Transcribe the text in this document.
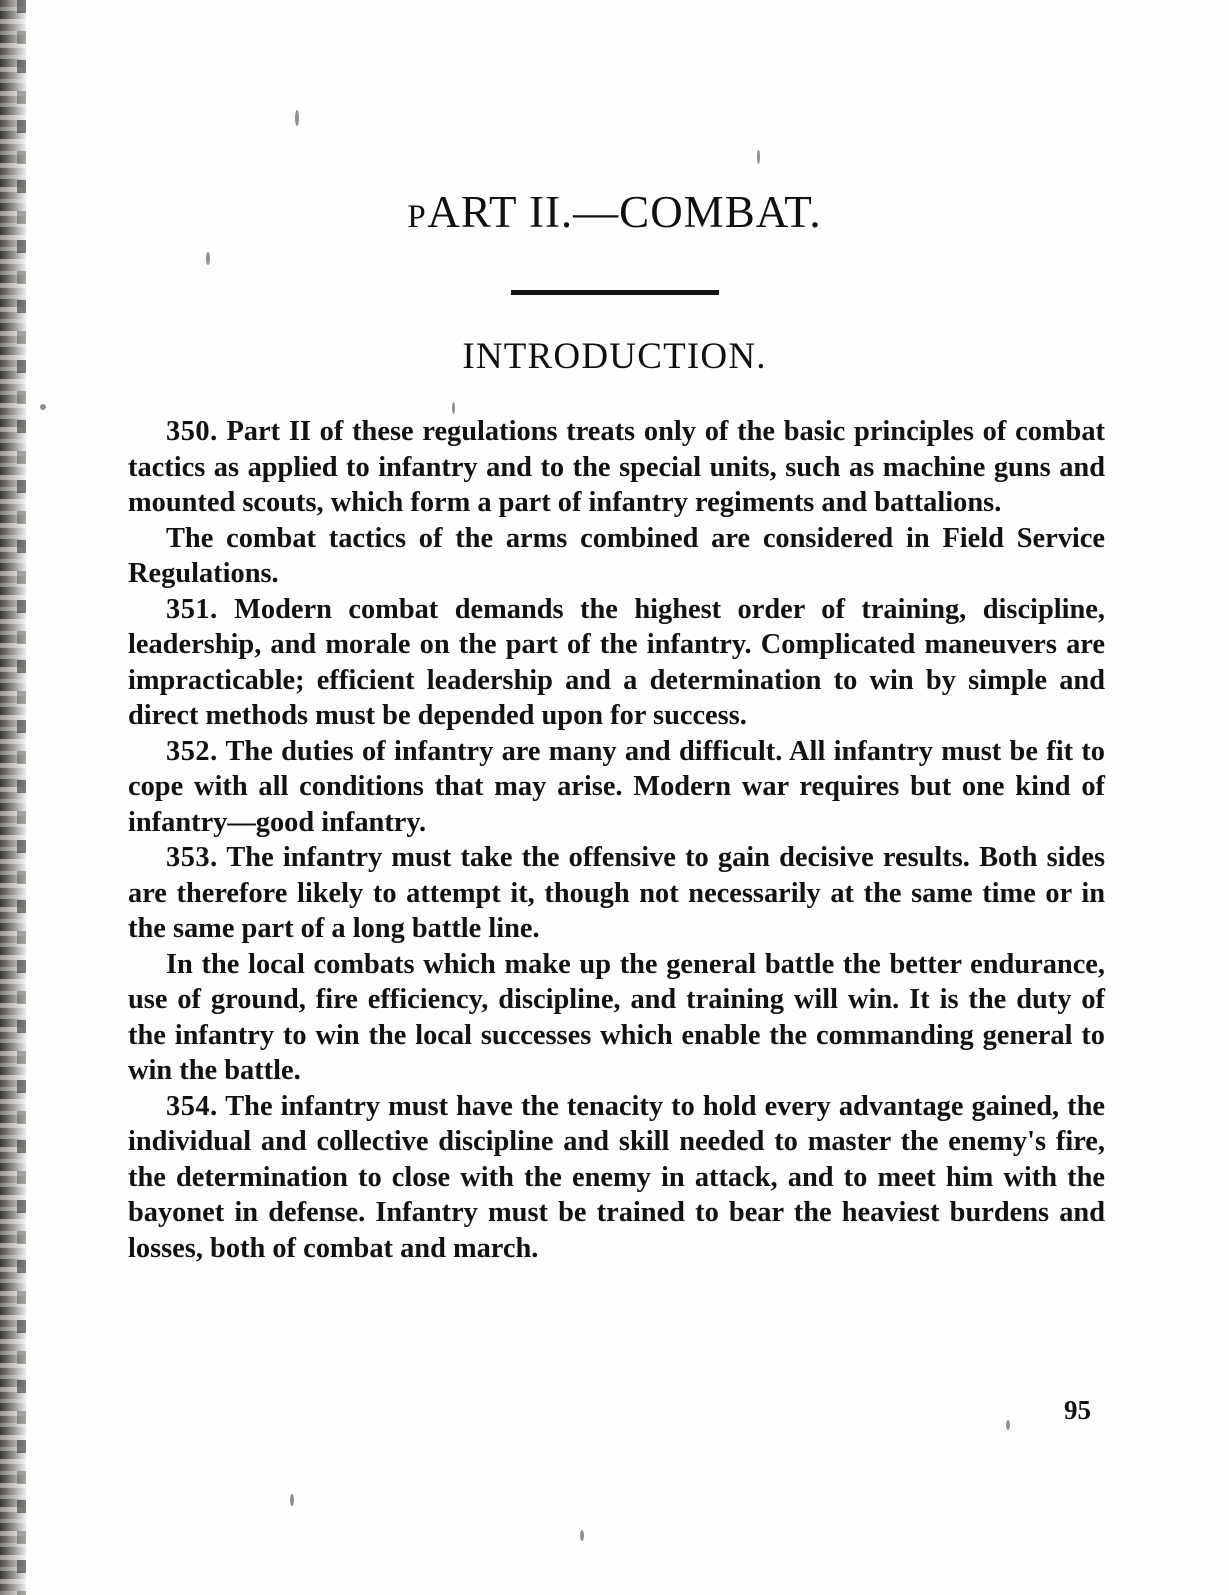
PART II.—COMBAT.
INTRODUCTION.

350. Part II of these regulations treats only of the basic principles of combat tactics as applied to infantry and to the special units, such as machine guns and mounted scouts, which form a part of infantry regiments and battalions.

The combat tactics of the arms combined are considered in Field Service Regulations.

351. Modern combat demands the highest order of training, discipline, leadership, and morale on the part of the infantry. Complicated maneuvers are impracticable; efficient leadership and a determination to win by simple and direct methods must be depended upon for success.

352. The duties of infantry are many and difficult. All infantry must be fit to cope with all conditions that may arise. Modern war requires but one kind of infantry—good infantry.

353. The infantry must take the offensive to gain decisive results. Both sides are therefore likely to attempt it, though not necessarily at the same time or in the same part of a long battle line.

In the local combats which make up the general battle the better endurance, use of ground, fire efficiency, discipline, and training will win. It is the duty of the infantry to win the local successes which enable the commanding general to win the battle.

354. The infantry must have the tenacity to hold every advantage gained, the individual and collective discipline and skill needed to master the enemy's fire, the determination to close with the enemy in attack, and to meet him with the bayonet in defense. Infantry must be trained to bear the heaviest burdens and losses, both of combat and march.

95
